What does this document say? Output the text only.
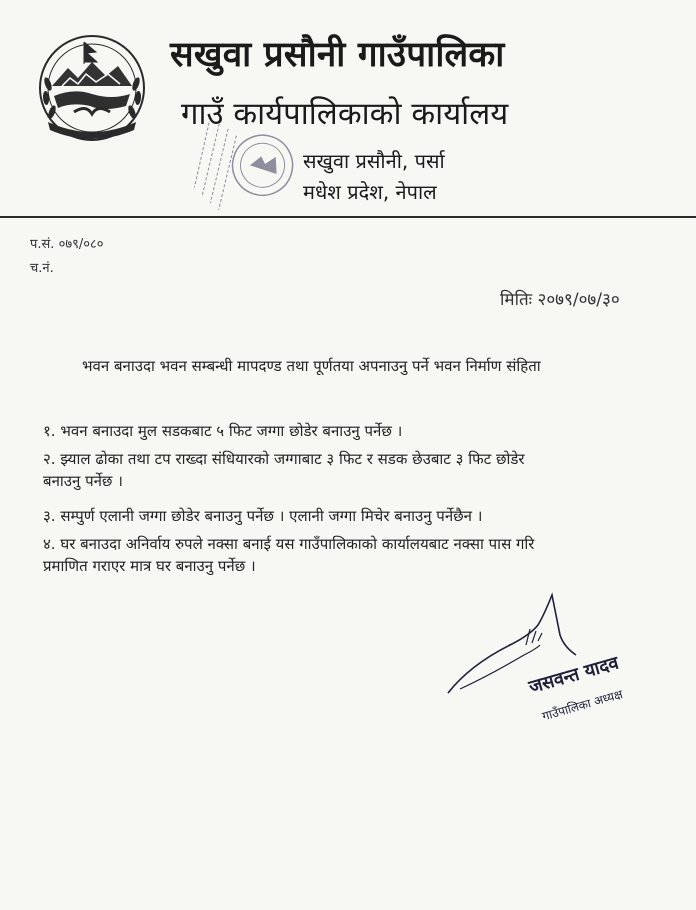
सखुवा प्रसौनी गाउँपालिका
गाउँ कार्यपालिकाको कार्यालय
सखुवा प्रसौनी, पर्सा
मधेश प्रदेश, नेपाल
प.सं. ०७९/०८०
च.नं.
मितिः २०७९/०७/३०
भवन बनाउदा भवन सम्बन्धी मापदण्ड तथा पूर्णतया अपनाउनु पर्ने भवन निर्माण संहिता
१. भवन बनाउदा मुल सडकबाट ५ फिट जग्गा छोडेर बनाउनु पर्नेछ ।
२. झ्याल ढोका तथा टप राख्दा संधियारको जग्गाबाट ३ फिट र सडक छेउबाट ३ फिट छोडेर
बनाउनु पर्नेछ ।
३. सम्पुर्ण एलानी जग्गा छोडेर बनाउनु पर्नेछ । एलानी जग्गा मिचेर बनाउनु पर्नेछैन ।
४. घर बनाउदा अनिर्वाय रुपले नक्सा बनाई यस गाउँपालिकाको कार्यालयबाट नक्सा पास गरि
प्रमाणित गराएर मात्र घर बनाउनु पर्नेछ ।
जसवन्त यादव
गाउँपालिका अध्यक्ष
